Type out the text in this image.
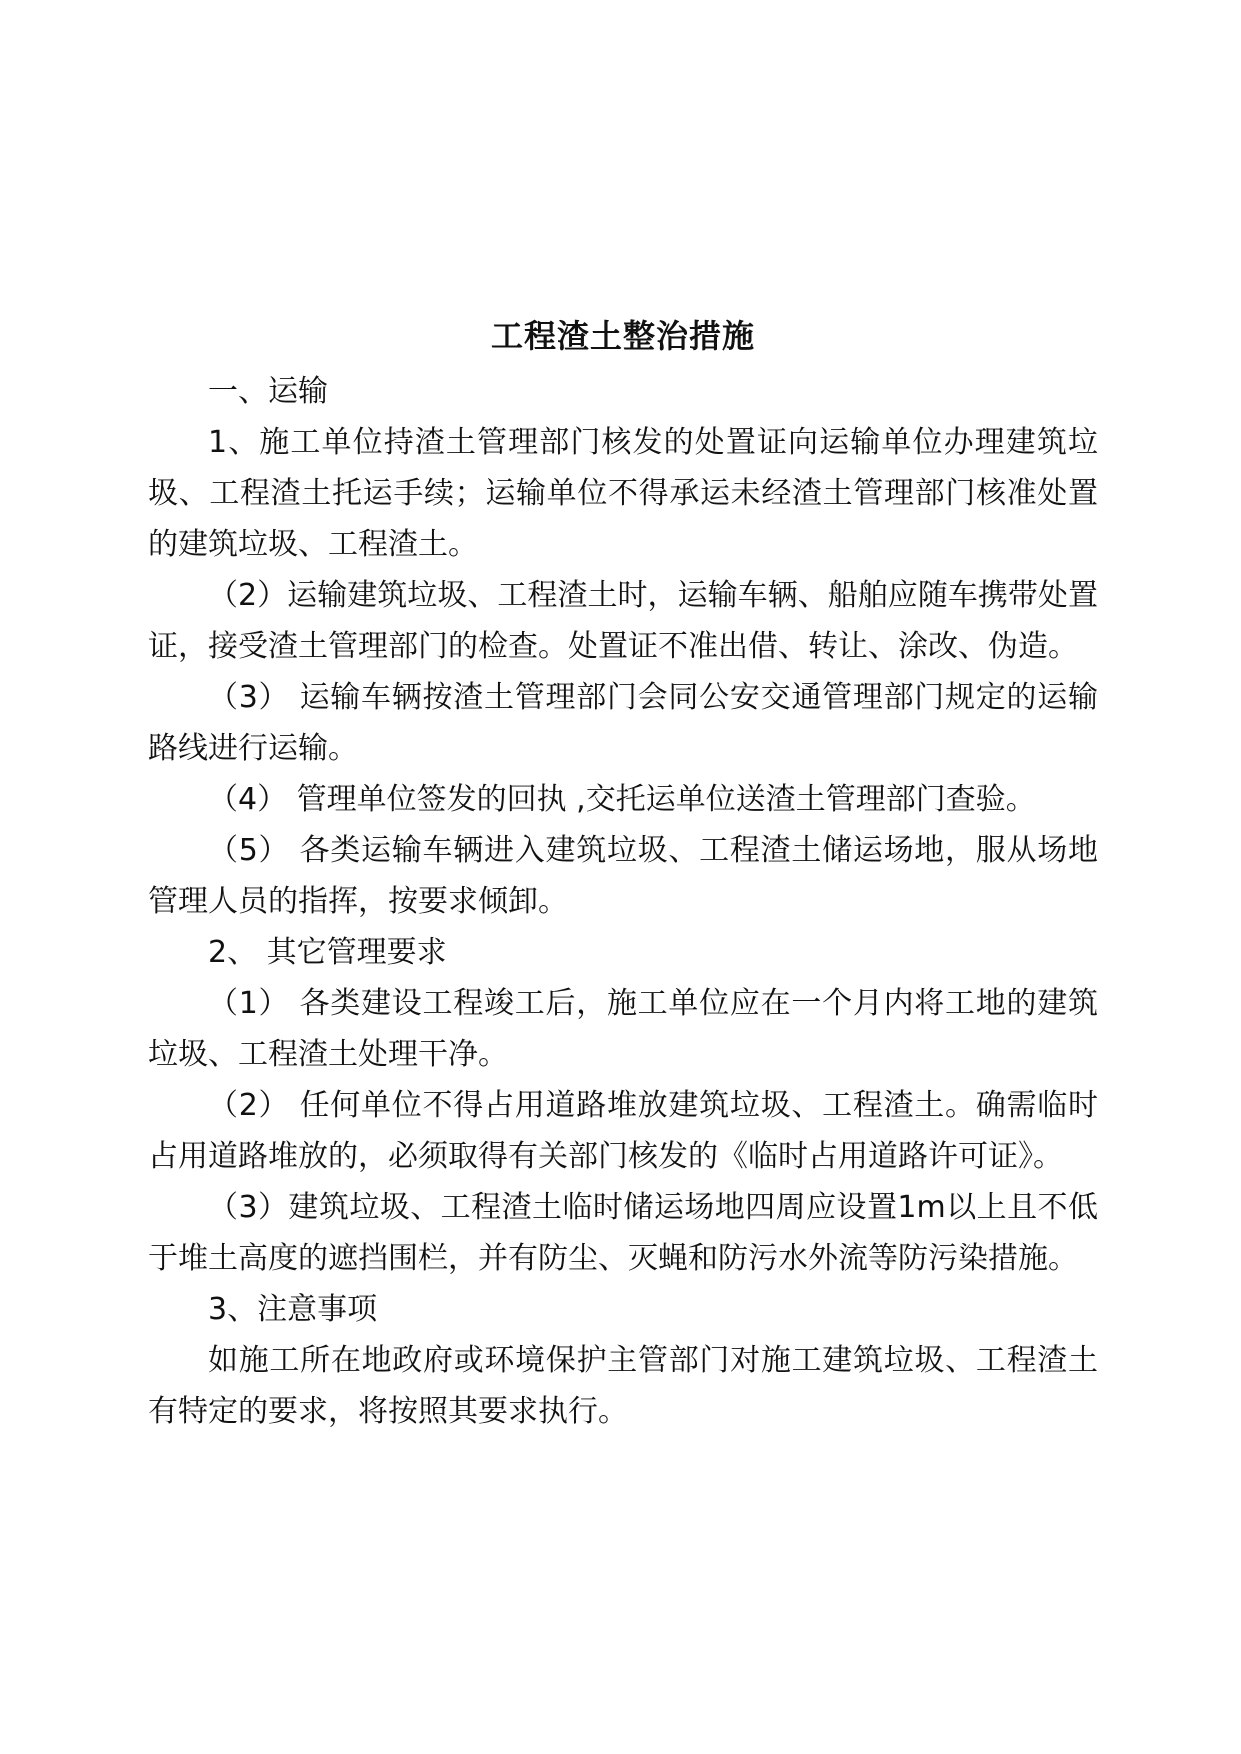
工程渣土整治措施

一、运输

1、施工单位持渣土管理部门核发的处置证向运输单位办理建筑垃圾、工程渣土托运手续；运输单位不得承运未经渣土管理部门核准处置的建筑垃圾、工程渣土。

（2）运输建筑垃圾、工程渣土时，运输车辆、船舶应随车携带处置证，接受渣土管理部门的检查。处置证不准出借、转让、涂改、伪造。

（3） 运输车辆按渣土管理部门会同公安交通管理部门规定的运输路线进行运输。

（4） 管理单位签发的回执 ,交托运单位送渣土管理部门查验。

（5） 各类运输车辆进入建筑垃圾、工程渣土储运场地，服从场地管理人员的指挥，按要求倾卸。

2、 其它管理要求

（1） 各类建设工程竣工后，施工单位应在一个月内将工地的建筑垃圾、工程渣土处理干净。

（2） 任何单位不得占用道路堆放建筑垃圾、工程渣土。确需临时占用道路堆放的，必须取得有关部门核发的《临时占用道路许可证》。

（3）建筑垃圾、工程渣土临时储运场地四周应设置1m以上且不低于堆土高度的遮挡围栏，并有防尘、灭蝇和防污水外流等防污染措施。

3、注意事项

如施工所在地政府或环境保护主管部门对施工建筑垃圾、工程渣土有特定的要求，将按照其要求执行。
